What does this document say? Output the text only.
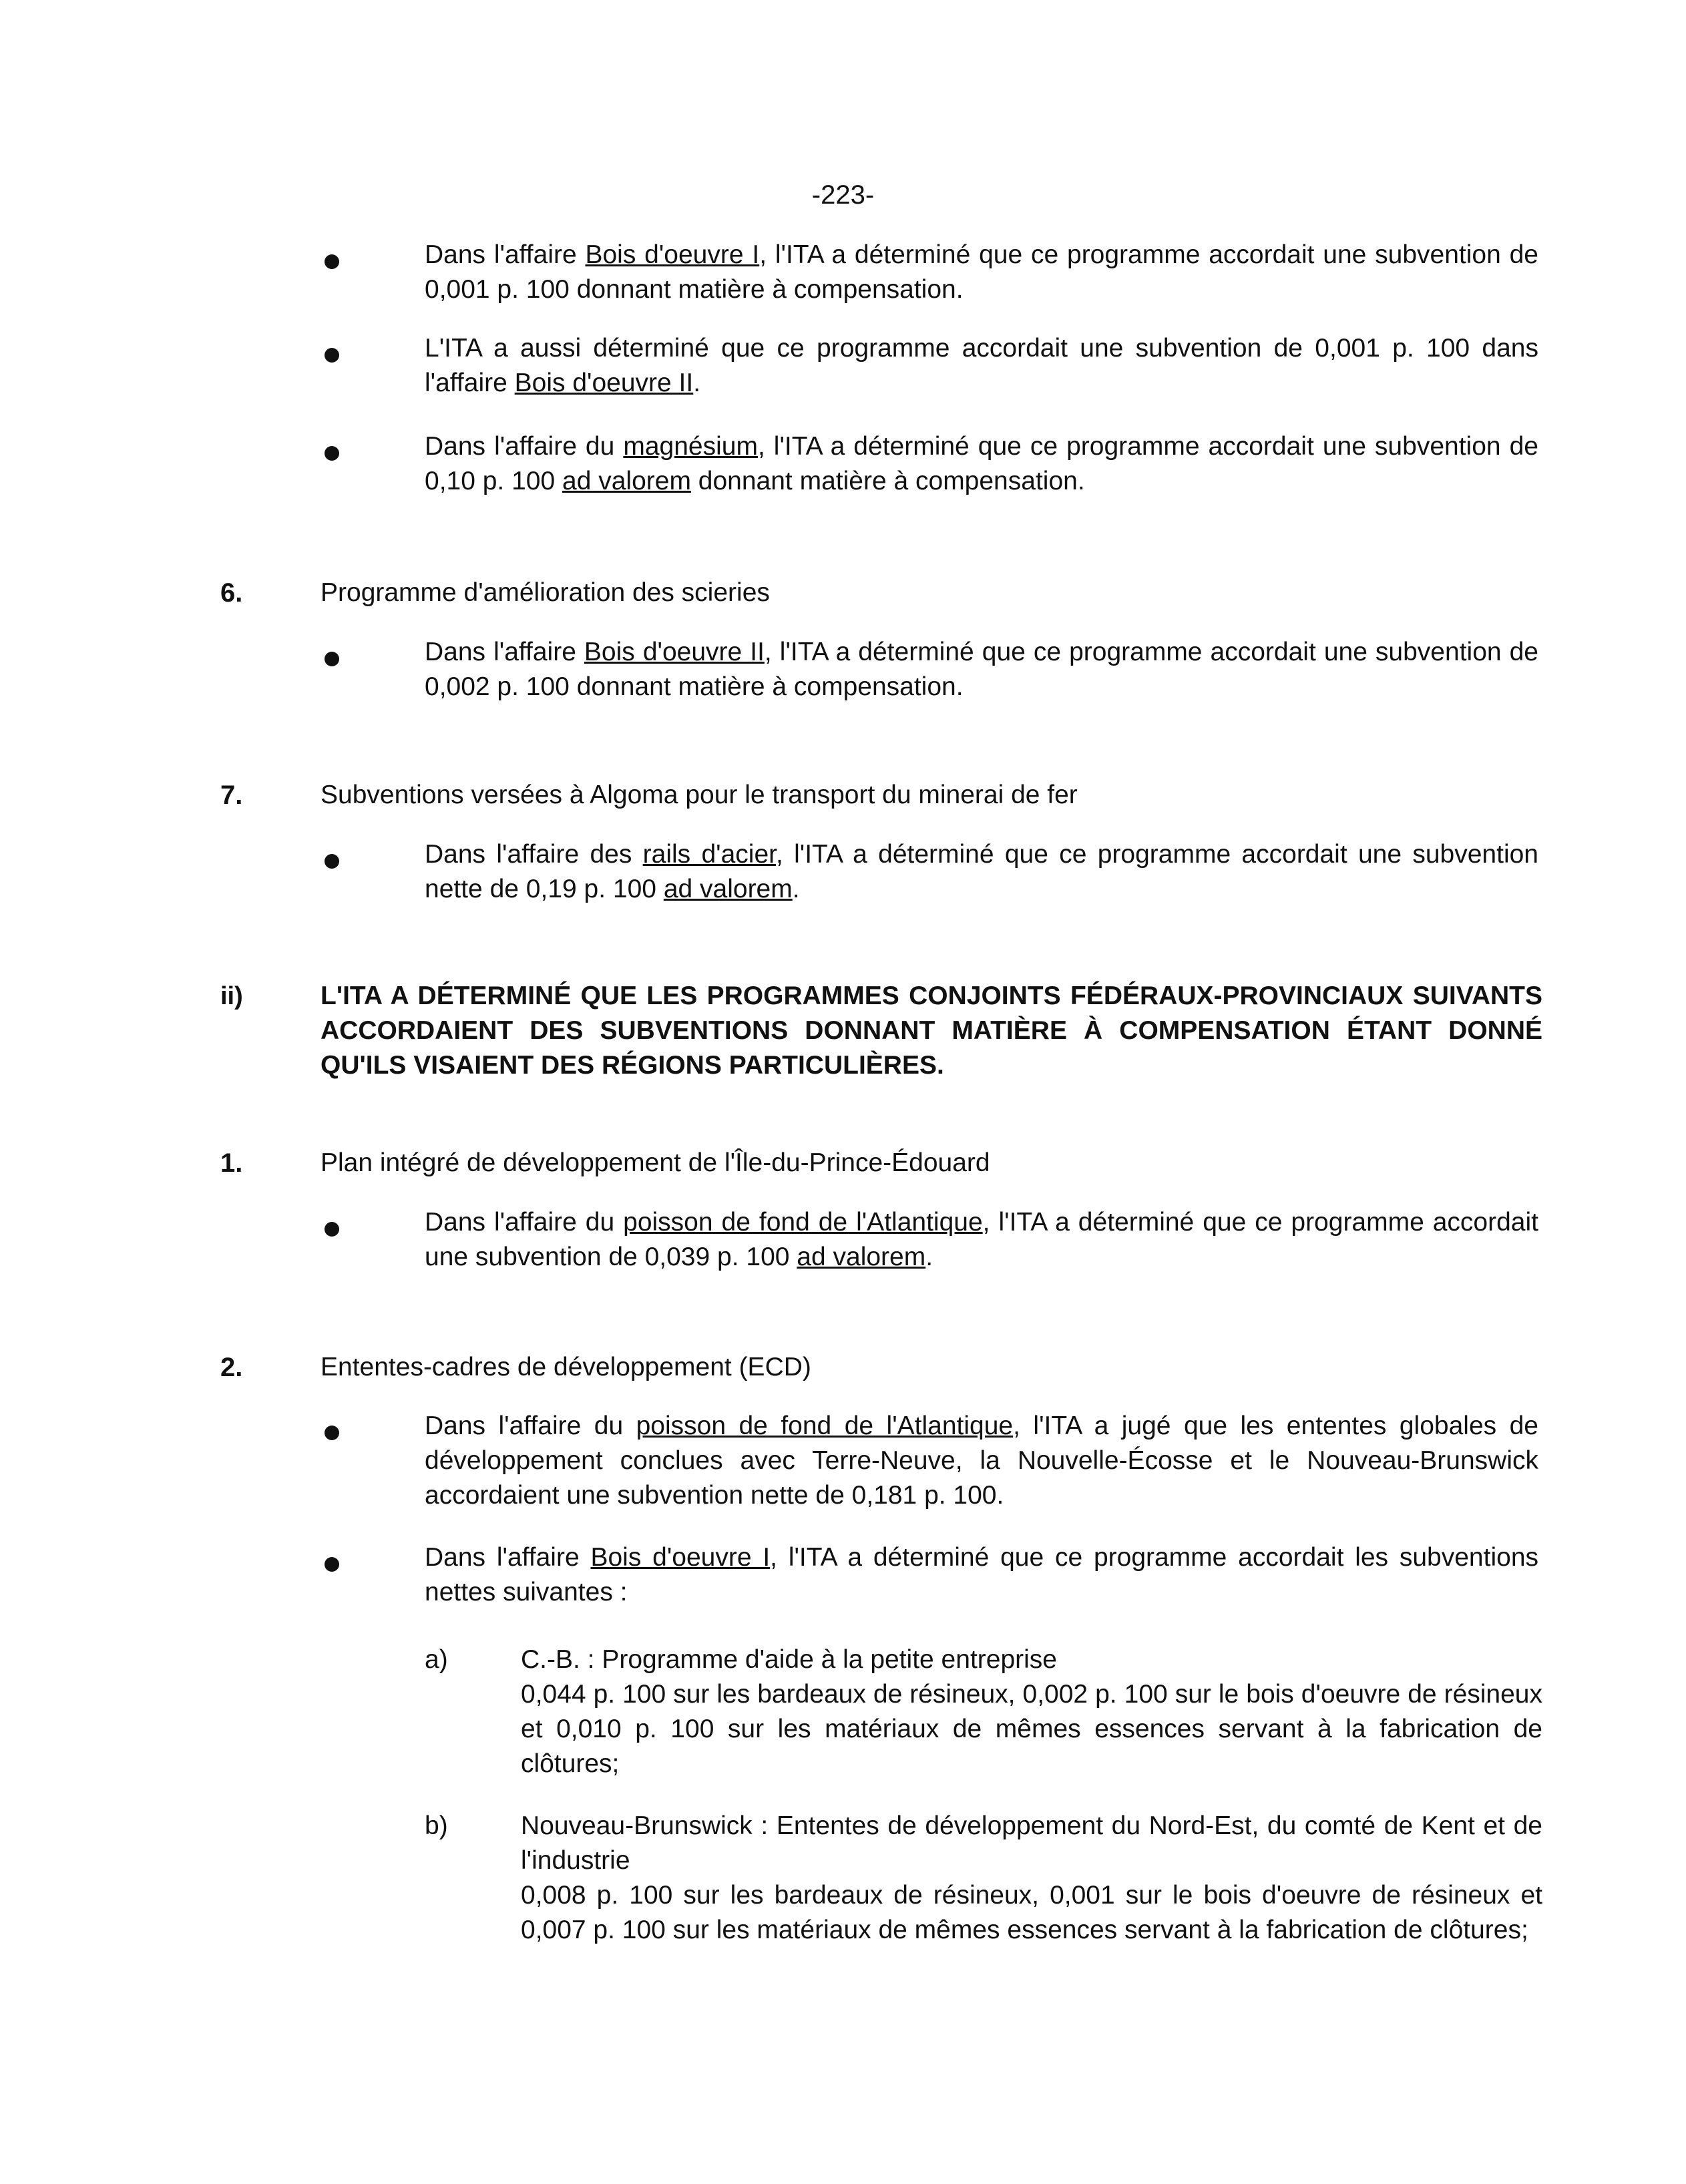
-223-
Dans l'affaire Bois d'oeuvre I, l'ITA a déterminé que ce programme accordait une subvention de 0,001 p. 100 donnant matière à compensation.
L'ITA a aussi déterminé que ce programme accordait une subvention de 0,001 p. 100 dans l'affaire Bois d'oeuvre II.
Dans l'affaire du magnésium, l'ITA a déterminé que ce programme accordait une subvention de 0,10 p. 100 ad valorem donnant matière à compensation.
6.	Programme d'amélioration des scieries
Dans l'affaire Bois d'oeuvre II, l'ITA a déterminé que ce programme accordait une subvention de 0,002 p. 100 donnant matière à compensation.
7.	Subventions versées à Algoma pour le transport du minerai de fer
Dans l'affaire des rails d'acier, l'ITA a déterminé que ce programme accordait une subvention nette de 0,19 p. 100 ad valorem.
ii)	L'ITA A DÉTERMINÉ QUE LES PROGRAMMES CONJOINTS FÉDÉRAUX-PROVINCIAUX SUIVANTS ACCORDAIENT DES SUBVENTIONS DONNANT MATIÈRE À COMPENSATION ÉTANT DONNÉ QU'ILS VISAIENT DES RÉGIONS PARTICULIÈRES.
1.	Plan intégré de développement de l'Île-du-Prince-Édouard
Dans l'affaire du poisson de fond de l'Atlantique, l'ITA a déterminé que ce programme accordait une subvention de 0,039 p. 100 ad valorem.
2.	Ententes-cadres de développement (ECD)
Dans l'affaire du poisson de fond de l'Atlantique, l'ITA a jugé que les ententes globales de développement conclues avec Terre-Neuve, la Nouvelle-Écosse et le Nouveau-Brunswick accordaient une subvention nette de 0,181 p. 100.
Dans l'affaire Bois d'oeuvre I, l'ITA a déterminé que ce programme accordait les subventions nettes suivantes :
a)	C.-B. : Programme d'aide à la petite entreprise
0,044 p. 100 sur les bardeaux de résineux, 0,002 p. 100 sur le bois d'oeuvre de résineux et 0,010 p. 100 sur les matériaux de mêmes essences servant à la fabrication de clôtures;
b)	Nouveau-Brunswick : Ententes de développement du Nord-Est, du comté de Kent et de l'industrie
0,008 p. 100 sur les bardeaux de résineux, 0,001 sur le bois d'oeuvre de résineux et 0,007 p. 100 sur les matériaux de mêmes essences servant à la fabrication de clôtures;
